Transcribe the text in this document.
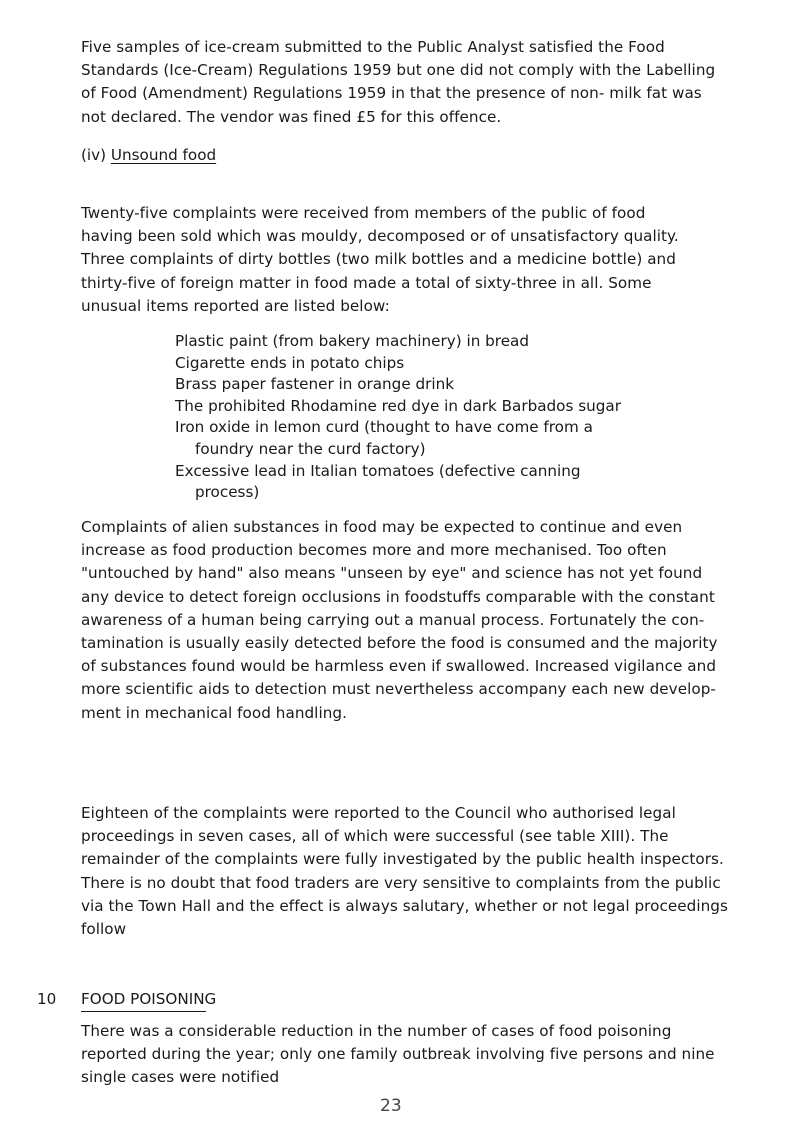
Five samples of ice-cream submitted to the Public Analyst satisfied the Food
Standards (Ice-Cream) Regulations 1959 but one did not comply with the Labelling
of Food (Amendment) Regulations 1959 in that the presence of non- milk fat was
not declared. The vendor was fined £5 for this offence.

(iv) Unsound food

Twenty-five complaints were received from members of the public of food
having been sold which was mouldy, decomposed or of unsatisfactory quality.
Three complaints of dirty bottles (two milk bottles and a medicine bottle) and
thirty-five of foreign matter in food made a total of sixty-three in all. Some
unusual items reported are listed below:

Plastic paint (from bakery machinery) in bread
Cigarette ends in potato chips
Brass paper fastener in orange drink
The prohibited Rhodamine red dye in dark Barbados sugar
Iron oxide in lemon curd (thought to have come from a
foundry near the curd factory)
Excessive lead in Italian tomatoes (defective canning
process)

Complaints of alien substances in food may be expected to continue and even
increase as food production becomes more and more mechanised. Too often
"untouched by hand" also means "unseen by eye" and science has not yet found
any device to detect foreign occlusions in foodstuffs comparable with the constant
awareness of a human being carrying out a manual process. Fortunately the con-
tamination is usually easily detected before the food is consumed and the majority
of substances found would be harmless even if swallowed. Increased vigilance and
more scientific aids to detection must nevertheless accompany each new develop-
ment in mechanical food handling.

Eighteen of the complaints were reported to the Council who authorised legal
proceedings in seven cases, all of which were successful (see table XIII). The
remainder of the complaints were fully investigated by the public health inspectors.
There is no doubt that food traders are very sensitive to complaints from the public
via the Town Hall and the effect is always salutary, whether or not legal proceedings
follow

10 FOOD POISONING

There was a considerable reduction in the number of cases of food poisoning
reported during the year; only one family outbreak involving five persons and nine
single cases were notified

23
